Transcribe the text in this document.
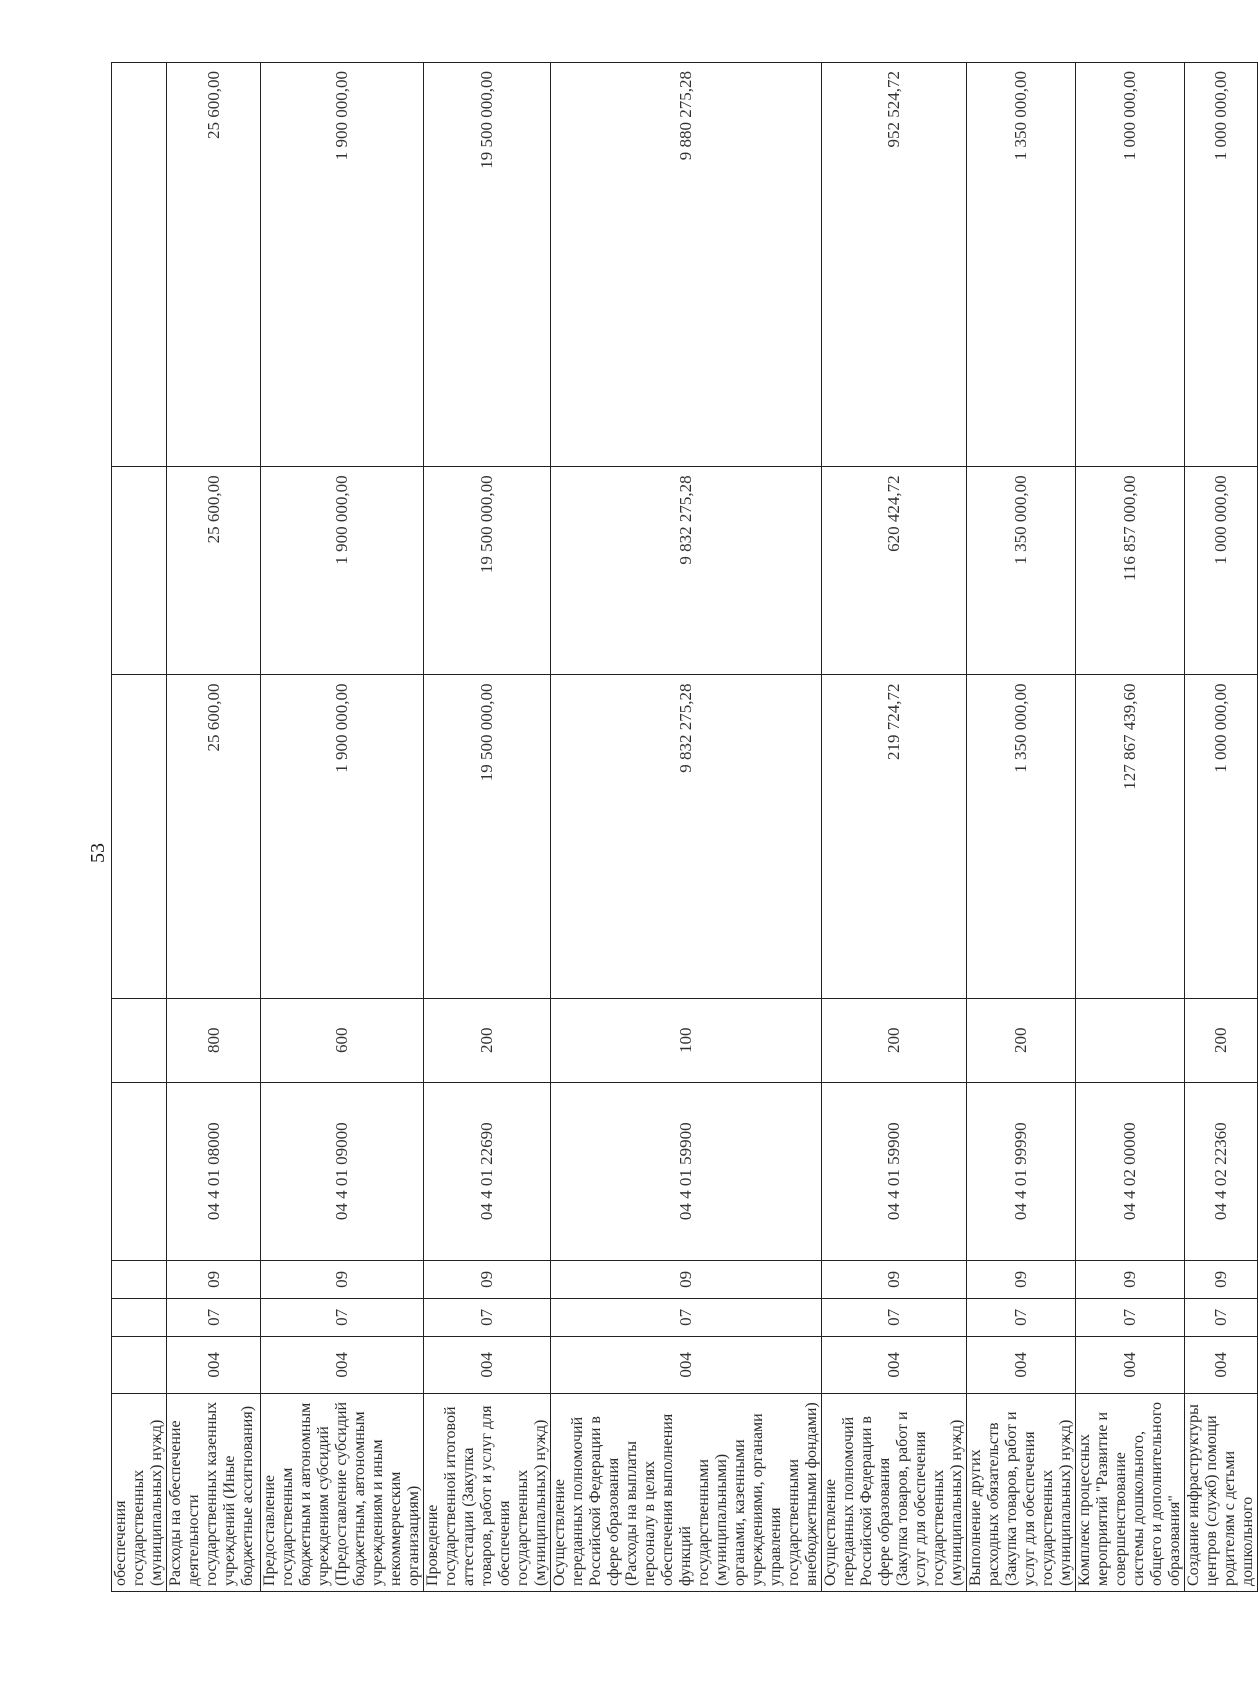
53
обеспечения государственных (муниципальных) нужд)								
Расходы на обеспечение деятельности государственных казенных учреждений (Иные бюджетные ассигнования)	004	07	09	04 4 01 08000	800	25 600,00	25 600,00	25 600,00
Предоставление государственным бюджетным и автономным учреждениям субсидий (Предоставление субсидий бюджетным, автономным учреждениям и иным некоммерческим организациям)	004	07	09	04 4 01 09000	600	1 900 000,00	1 900 000,00	1 900 000,00
Проведение государственной итоговой аттестации (Закупка товаров, работ и услуг для обеспечения государственных (муниципальных) нужд)	004	07	09	04 4 01 22690	200	19 500 000,00	19 500 000,00	19 500 000,00
Осуществление переданных полномочий Российской Федерации в сфере образования (Расходы на выплаты персоналу в целях обеспечения выполнения функций государственными (муниципальными) органами, казенными учреждениями, органами управления государственными внебюджетными фондами)	004	07	09	04 4 01 59900	100	9 832 275,28	9 832 275,28	9 880 275,28
Осуществление переданных полномочий Российской Федерации в сфере образования (Закупка товаров, работ и услуг для обеспечения государственных (муниципальных) нужд)	004	07	09	04 4 01 59900	200	219 724,72	620 424,72	952 524,72
Выполнение других расходных обязательств (Закупка товаров, работ и услуг для обеспечения государственных (муниципальных) нужд)	004	07	09	04 4 01 99990	200	1 350 000,00	1 350 000,00	1 350 000,00
Комплекс процессных мероприятий "Развитие и совершенствование системы дошкольного, общего и дополнительного образования"	004	07	09	04 4 02 00000		127 867 439,60	116 857 000,00	1 000 000,00
Создание инфраструктуры центров (служб) помощи родителям с детьми дошкольного	004	07	09	04 4 02 22360	200	1 000 000,00	1 000 000,00	1 000 000,00
